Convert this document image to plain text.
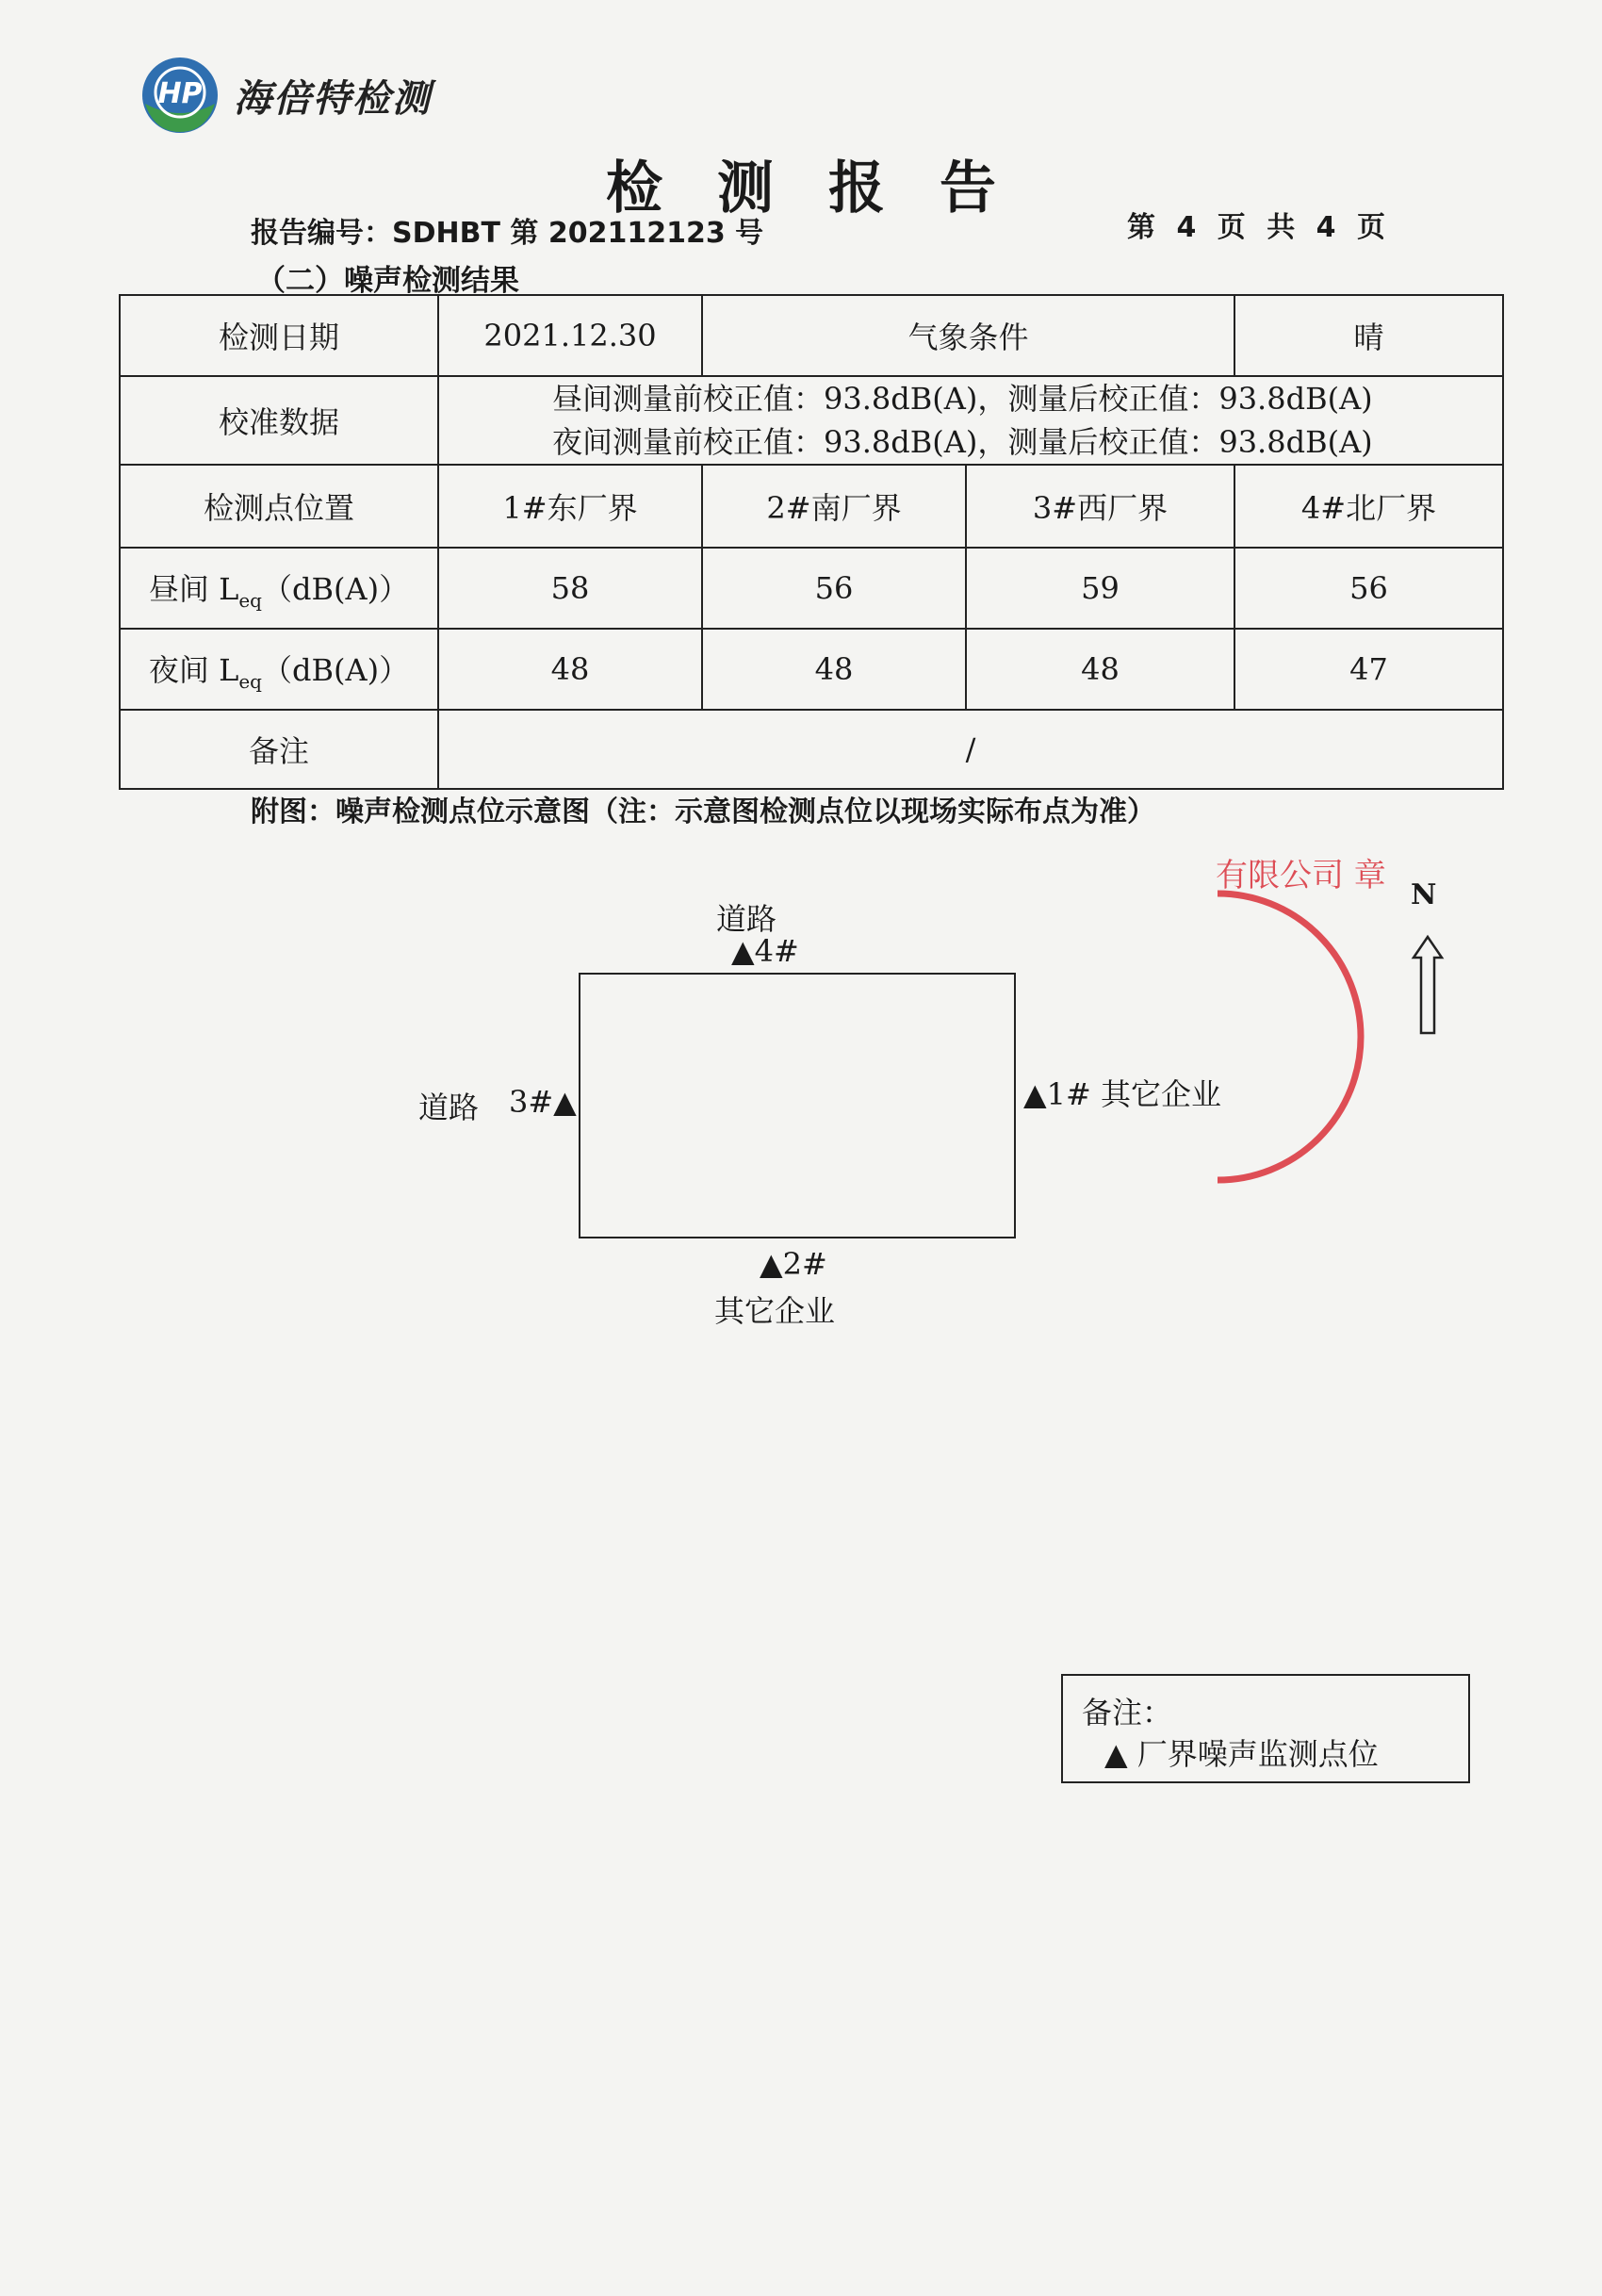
HP 海倍特检测
检测报告
报告编号：SDHBT 第 202112123 号	第 4 页 共 4 页
（二）噪声检测结果
检测日期	2021.12.30	气象条件		晴
校准数据	昼间测量前校正值：93.8dB(A)，测量后校正值：93.8dB(A)
夜间测量前校正值：93.8dB(A)，测量后校正值：93.8dB(A)			

检测点位置	1#东厂界	2#南厂界	3#西厂界	4#北厂界
昼间 $L_{eq}(dB(A))$	58	56	59	56
夜间 $L_{eq}(dB(A))$	48	48	48	47
备注	/			
附图：噪声检测点位示意图（注：示意图检测点位以现场实际布点为准）
道路
▲4#
道路 3#▲	▲1# 其它企业
▲2#
其它企业
有限公司 章
N
备注：
▲ 厂界噪声监测点位
